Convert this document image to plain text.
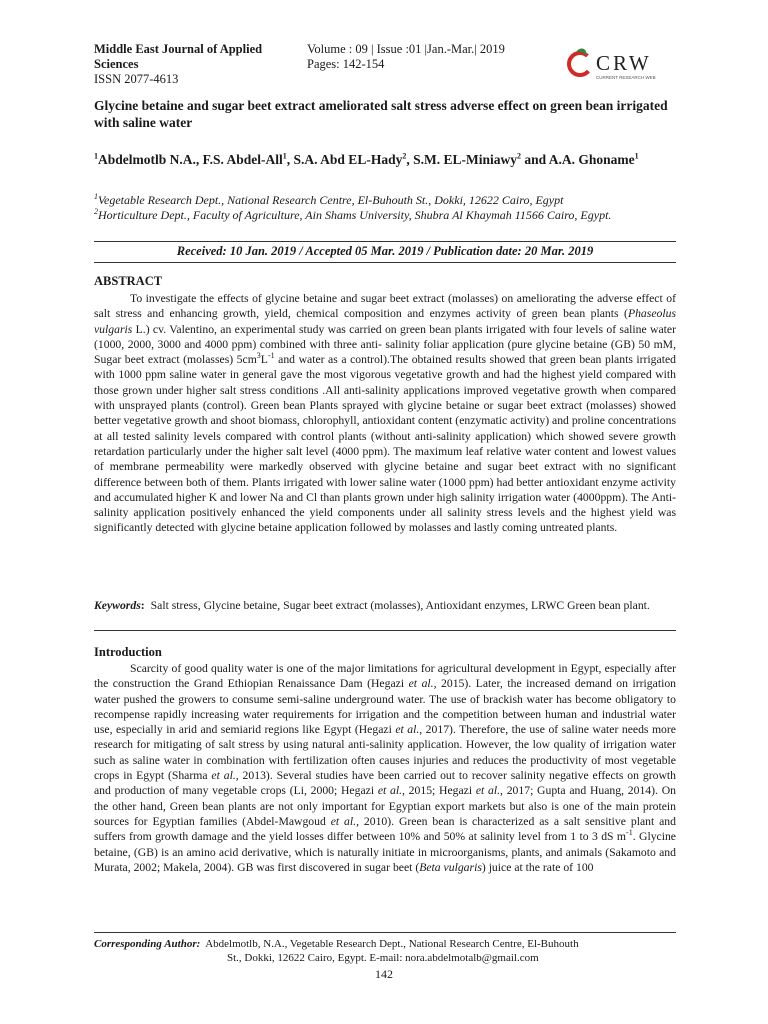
Middle East Journal of Applied
Sciences
ISSN 2077-4613
Volume : 09 | Issue :01 |Jan.-Mar.| 2019
Pages: 142-154	CRW
CURRENT RESEARCH WEB
Glycine betaine and sugar beet extract ameliorated salt stress adverse effect on green bean irrigated with saline water
$^1$Abdelmotlb N.A., F.S. Abdel-All$^1$, S.A. Abd EL-Hady$^2$, S.M. EL-Miniawy$^2$ and A.A. Ghoname$^1$
$^1$Vegetable Research Dept., National Research Centre, El-Buhouth St., Dokki, 12622 Cairo, Egypt
$^2$Horticulture Dept., Faculty of Agriculture, Ain Shams University, Shubra Al Khaymah 11566 Cairo, Egypt.
Received: 10 Jan. 2019 / Accepted 05 Mar. 2019 / Publication date: 20 Mar. 2019
ABSTRACT
To investigate the effects of glycine betaine and sugar beet extract (molasses) on ameliorating the adverse effect of salt stress and enhancing growth, yield, chemical composition and enzymes activity of green bean plants (Phaseolus vulgaris L.) cv. Valentino, an experimental study was carried on green bean plants irrigated with four levels of saline water (1000, 2000, 3000 and 4000 ppm) combined with three anti- salinity foliar application (pure glycine betaine (GB) 50 mM, Sugar beet extract (molasses) $5cm^3L^{-1}$ and water as a control).The obtained results showed that green bean plants irrigated with 1000 ppm saline water in general gave the most vigorous vegetative growth and had the highest yield compared with those grown under higher salt stress conditions .All anti-salinity applications improved vegetative growth when compared with unsprayed plants (control). Green bean Plants sprayed with glycine betaine or sugar beet extract (molasses) showed better vegetative growth and shoot biomass, chlorophyll, antioxidant content (enzymatic activity) and proline concentrations at all tested salinity levels compared with control plants (without anti-salinity application) which showed severe growth retardation particularly under the higher salt level (4000 ppm). The maximum leaf relative water content and lowest values of membrane permeability were markedly observed with glycine betaine and sugar beet extract with no significant difference between both of them. Plants irrigated with lower saline water (1000 ppm) had better antioxidant enzyme activity and accumulated higher K and lower Na and Cl than plants grown under high salinity irrigation water (4000ppm). The Anti-salinity application positively enhanced the yield components under all salinity stress levels and the highest yield was significantly detected with glycine betaine application followed by molasses and lastly coming untreated plants.
Keywords:	Salt stress, Glycine betaine, Sugar beet extract (molasses), Antioxidant enzymes, LRWC Green bean plant.
Introduction
Scarcity of good quality water is one of the major limitations for agricultural development in Egypt, especially after the construction the Grand Ethiopian Renaissance Dam (Hegazi et al., 2015). Later, the increased demand on irrigation water pushed the growers to consume semi-saline underground water. The use of brackish water has become obligatory to recompense rapidly increasing water requirements for irrigation and the competition between human and industrial water use, especially in arid and semiarid regions like Egypt (Hegazi et al., 2017). Therefore, the use of saline water needs more research for mitigating of salt stress by using natural anti-salinity application. However, the low quality of irrigation water such as saline water in combination with fertilization often causes injuries and reduces the productivity of most vegetable crops in Egypt (Sharma et al., 2013). Several studies have been carried out to recover salinity negative effects on growth and production of many vegetable crops (Li, 2000; Hegazi et al., 2015; Hegazi et al., 2017; Gupta and Huang, 2014). On the other hand, Green bean plants are not only important for Egyptian export markets but also is one of the main protein sources for Egyptian families (Abdel-Mawgoud et al., 2010). Green bean is characterized as a salt sensitive plant and suffers from growth damage and the yield losses differ between 10% and 50% at salinity level from 1 to 3 dS $m^{-1}$. Glycine betaine, (GB) is an amino acid derivative, which is naturally initiate in microorganisms, plants, and animals (Sakamoto and Murata, 2002; Makela, 2004). GB was first discovered in sugar beet (Beta vulgaris) juice at the rate of 100
Corresponding Author: Abdelmotlb, N.A., Vegetable Research Dept., National Research Centre, El-Buhouth
St., Dokki, 12622 Cairo, Egypt. E-mail: nora.abdelmotalb@gmail.com
142
